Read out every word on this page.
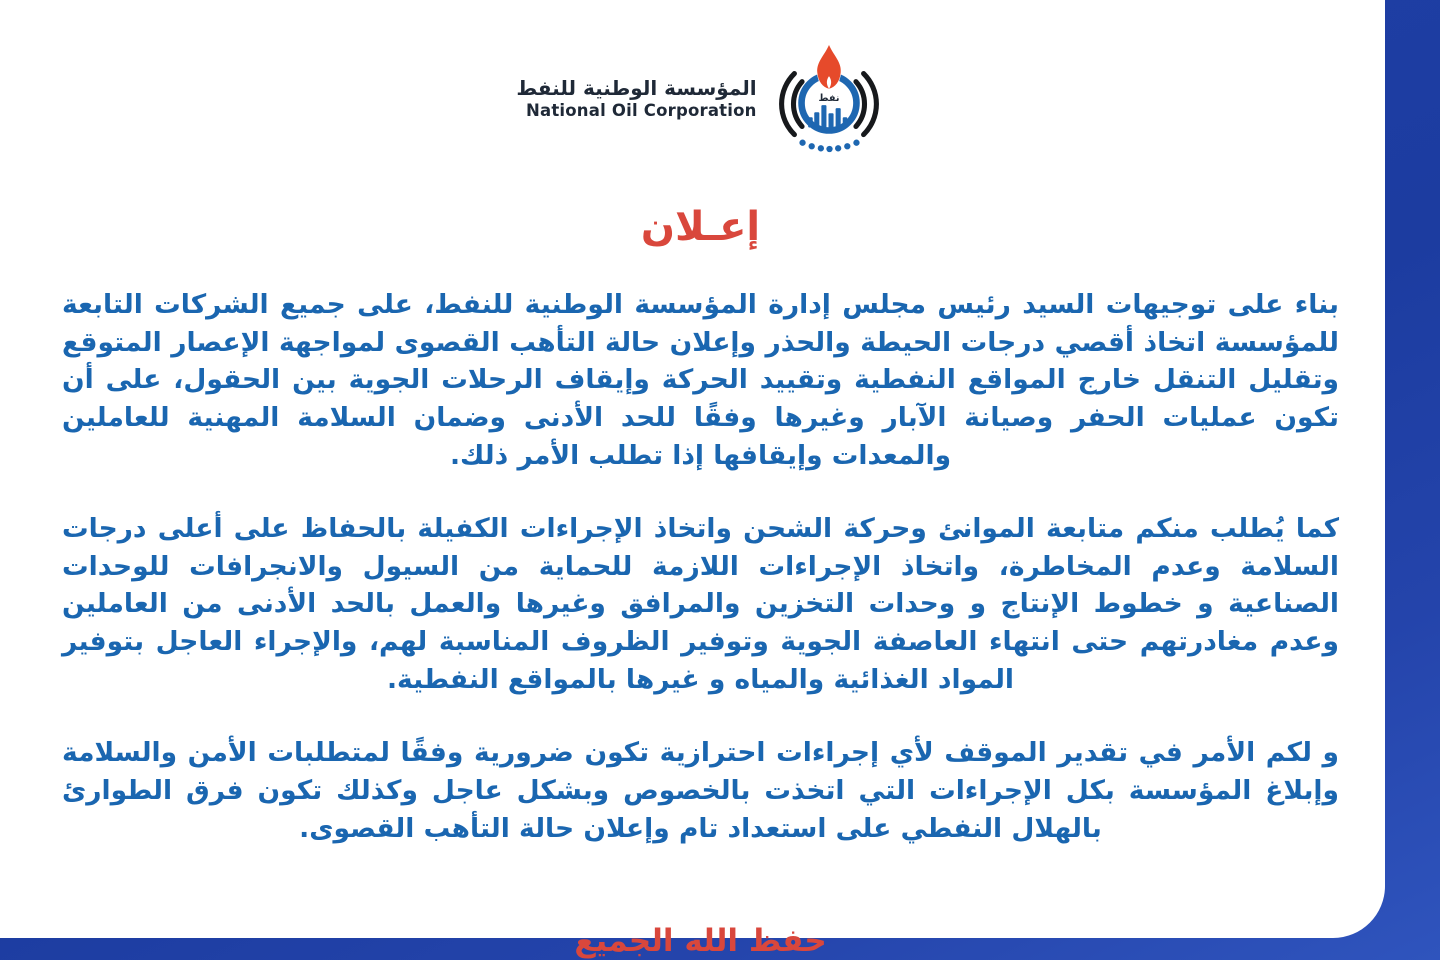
المؤسسة الوطنية للنفط
National Oil Corporation
نفط
إعـلان

بناء على توجيهات السيد رئيس مجلس إدارة المؤسسة الوطنية للنفط، على جميع الشركات التابعة للمؤسسة اتخاذ أقصي درجات الحيطة والحذر وإعلان حالة التأهب القصوى لمواجهة الإعصار المتوقع وتقليل التنقل خارج المواقع النفطية وتقييد الحركة وإيقاف الرحلات الجوية بين الحقول، على أن تكون عمليات الحفر وصيانة الآبار وغيرها وفقًا للحد الأدنى وضمان السلامة المهنية للعاملين والمعدات وإيقافها إذا تطلب الأمر ذلك.

كما يُطلب منكم متابعة الموانئ وحركة الشحن واتخاذ الإجراءات الكفيلة بالحفاظ على أعلى درجات السلامة وعدم المخاطرة، واتخاذ الإجراءات اللازمة للحماية من السيول والانجرافات للوحدات الصناعية و خطوط الإنتاج و وحدات التخزين والمرافق وغيرها والعمل بالحد الأدنى من العاملين وعدم مغادرتهم حتى انتهاء العاصفة الجوية وتوفير الظروف المناسبة لهم، والإجراء العاجل بتوفير المواد الغذائية والمياه و غيرها بالمواقع النفطية.

و لكم الأمر في تقدير الموقف لأي إجراءات احترازية تكون ضرورية وفقًا لمتطلبات الأمن والسلامة وإبلاغ المؤسسة بكل الإجراءات التي اتخذت بالخصوص وبشكل عاجل وكذلك تكون فرق الطوارئ بالهلال النفطي على استعداد تام وإعلان حالة التأهب القصوى.

حفظ الله الجميع
